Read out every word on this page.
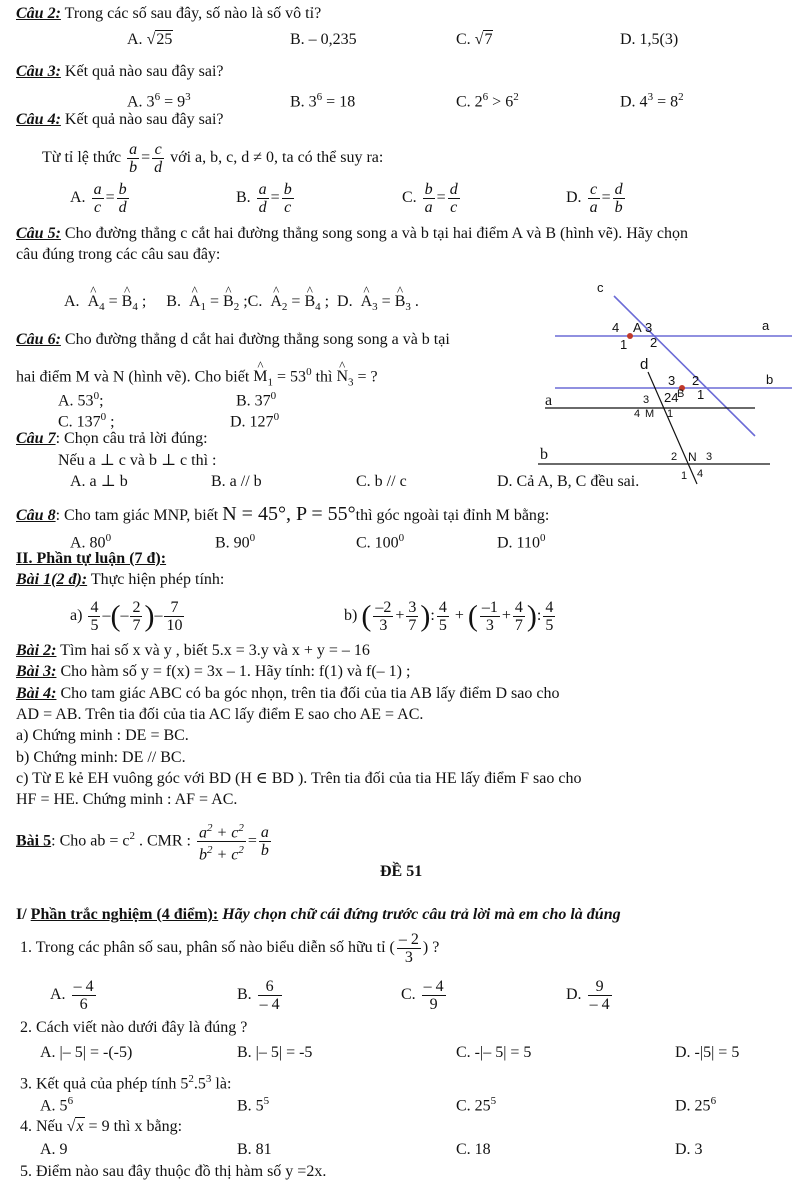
Câu 2: Trong các số sau đây, số nào là số vô tỉ?
A. √25	B. – 0,235	C. √7	D. 1,5(3)
Câu 3: Kết quả nào sau đây sai?
A. $3^6 = 9^3$	B. $3^6 = 18$	C. $2^6 > 6^2$	D. $4^3 = 8^2$
Câu 4: Kết quả nào sau đây sai?
Từ tỉ lệ thức $\frac{a}{b} = \frac{c}{d}$ với a, b, c, d ≠ 0, ta có thể suy ra:
A. $\frac{a}{c} = \frac{b}{d}$	B. $\frac{a}{d} = \frac{b}{c}$	C. $\frac{b}{a} = \frac{d}{c}$	D. $\frac{c}{a} = \frac{d}{b}$
Câu 5: Cho đường thẳng c cắt hai đường thẳng song song a và b tại hai điểm A và B (hình vẽ). Hãy chọn
câu đúng trong các câu sau đây:
A.  ^ $A_4$ = ^ $B_4$ ;     B.  ^ $A_1$ = ^ $B_2$ ;C.  ^ $A_2$ = ^ $B_4$ ;  D.  ^ $A_3$ = ^ $B_3$ .
Câu 6: Cho đường thẳng d cắt hai đường thẳng song song a và b tại
hai điểm M và N (hình vẽ). Cho biết ^ $M_1 = 53^0$ thì ^ $N_3$ = ?
A. $53^0$;	B. $37^0$
C. $137^0$ ;	D. $127^0$
Câu 7: Chọn câu trả lời đúng:
Nếu a ⊥ c và b ⊥ c thì :
A. a ⊥ b	B. a // b	C. b // c	D. Cả A, B, C đều sai.
Câu 8: Cho tam giác MNP, biết N = 45°, P = 55°thì góc ngoài tại đỉnh M bằng:
A. $80^0$	B. $90^0$	C. $100^0$	D. $110^0$
II. Phần tự luận (7 đ):
Bài 1(2 đ): Thực hiện phép tính:
$a) \frac{4}{5}$ –(– $\frac{2}{7}$ )– $\frac{7}{10}$	b) ( $\frac{-2}{3} + \frac{3}{7}$ ): $\frac{4}{5}$ + ( $\frac{-1}{3} + \frac{4}{7}$ ): $\frac{4}{5}$
Bài 2: Tìm hai số x và y , biết 5.x = 3.y và x + y = – 16
Bài 3: Cho hàm số y = f(x) = 3x – 1. Hãy tính: f(1) và f(– 1) ;
Bài 4: Cho tam giác ABC có ba góc nhọn, trên tia đối của tia AB lấy điểm D sao cho
AD = AB. Trên tia đối của tia AC lấy điểm E sao cho AE = AC.
a) Chứng minh : DE = BC.
b) Chứng minh: DE // BC.
c) Từ E kẻ EH vuông góc với BD (H ∈ BD ). Trên tia đối của tia HE lấy điểm F sao cho
HF = HE. Chứng minh : AF = AC.
Bài 5: Cho ab = $c^2$ . CMR : $\frac{a^2 + c^2}{b^2 + c^2} = \frac{a}{b}$
ĐỀ 51
I/ Phần trắc nghiệm (4 điểm): Hãy chọn chữ cái đứng trước câu trả lời mà em cho là đúng
1. Trong các phân số sau, phân số nào biểu diễn số hữu tỉ ( $\frac{- 2}{3}$ ) ?
A. $\frac{- 4}{6}$	B. $\frac{6}{- 4}$	C. $\frac{- 4}{9}$	D. $\frac{9}{- 4}$
2. Cách viết nào dưới đây là đúng ?
A. |– 5| = -(-5)	B. |– 5| = -5	C. -|– 5| = 5	D. -|5| = 5
3. Kết quả của phép tính $5^2.5^3$ là:
A. $5^6$	B. $5^5$	C. $25^5$	D. $25^6$
4. Nếu √x = 9 thì x bằng:
A. 9	B. 81	C. 18	D. 3
5. Điểm nào sau đây thuộc đồ thị hàm số y =2x.
c
a
4 A 3
1 2
d
b
3 2
3 24
B 1
a
4 M 1
b	2 N 3
1 4
